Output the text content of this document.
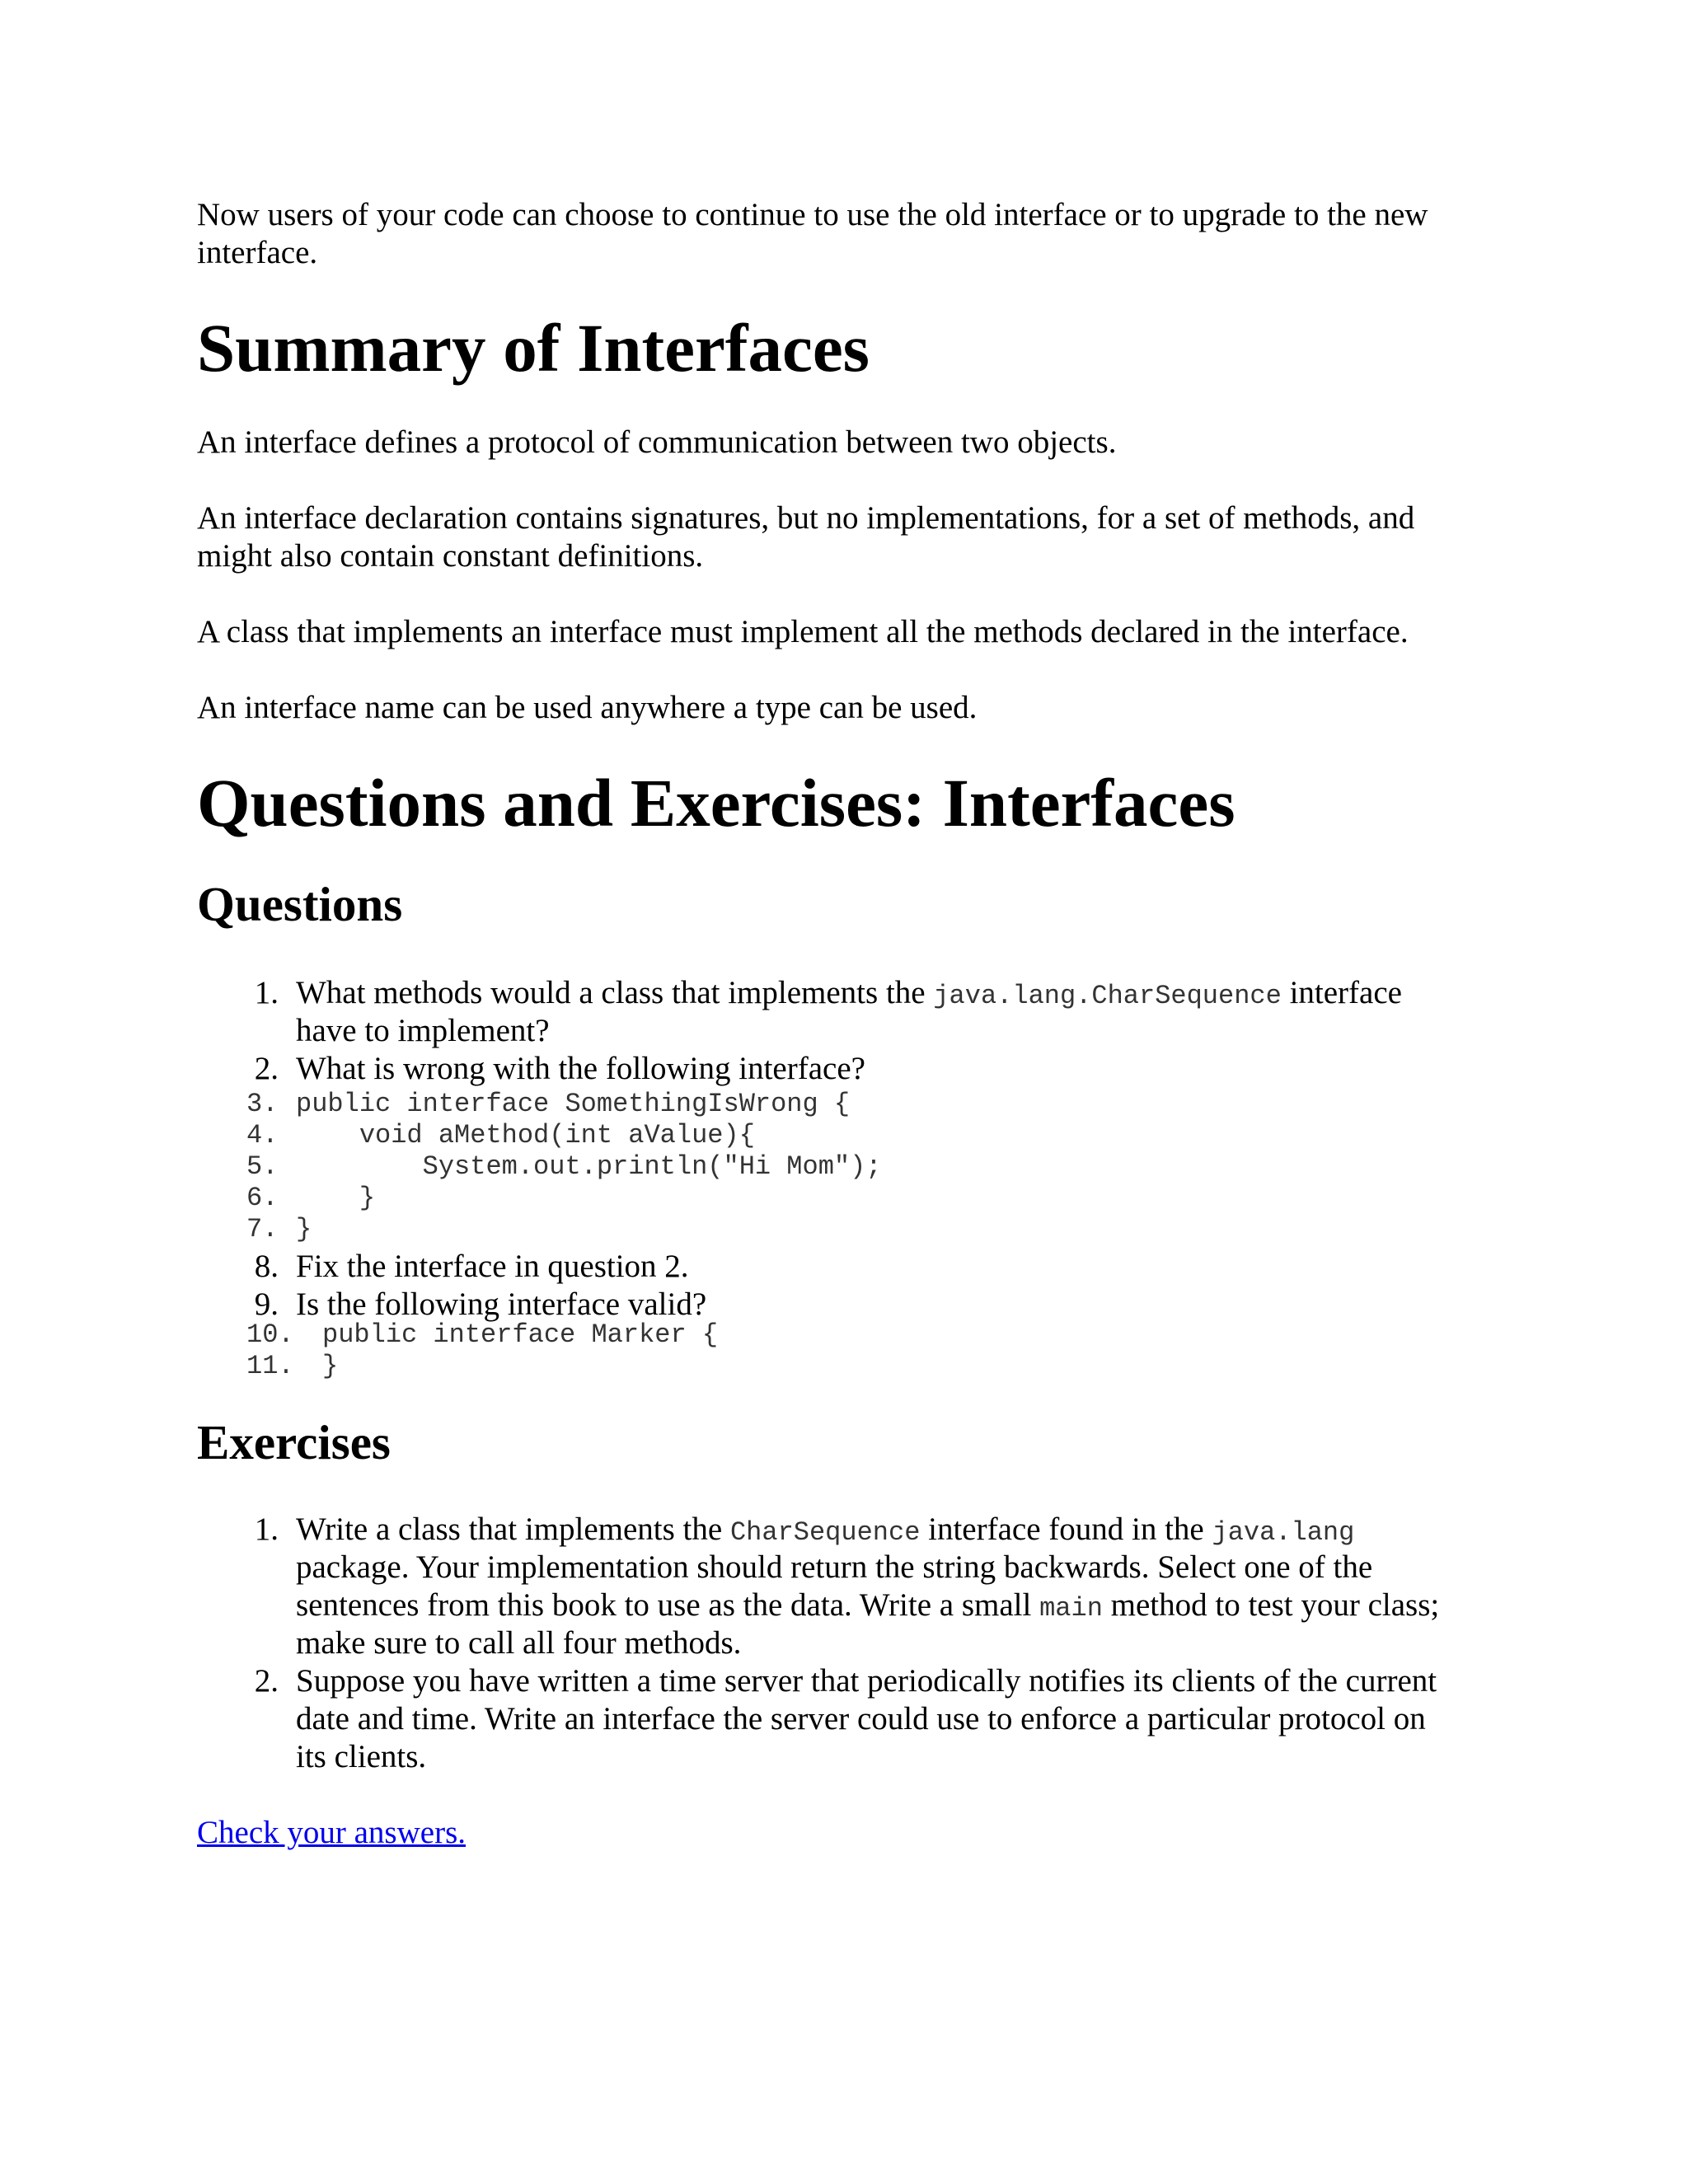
Now users of your code can choose to continue to use the old interface or to upgrade to the new
interface.
Summary of Interfaces
An interface defines a protocol of communication between two objects.
An interface declaration contains signatures, but no implementations, for a set of methods, and
might also contain constant definitions.
A class that implements an interface must implement all the methods declared in the interface.
An interface name can be used anywhere a type can be used.
Questions and Exercises: Interfaces
Questions
1. What methods would a class that implements the java.lang.CharSequence interface
have to implement?
2. What is wrong with the following interface?
3. public interface SomethingIsWrong {
4. void aMethod(int aValue){
5. System.out.println("Hi Mom");
6. }
7. }
8. Fix the interface in question 2.
9. Is the following interface valid?
10. public interface Marker {
11. }
Exercises
1. Write a class that implements the CharSequence interface found in the java.lang
package. Your implementation should return the string backwards. Select one of the
sentences from this book to use as the data. Write a small main method to test your class;
make sure to call all four methods.
2. Suppose you have written a time server that periodically notifies its clients of the current
date and time. Write an interface the server could use to enforce a particular protocol on
its clients.
Check your answers.
